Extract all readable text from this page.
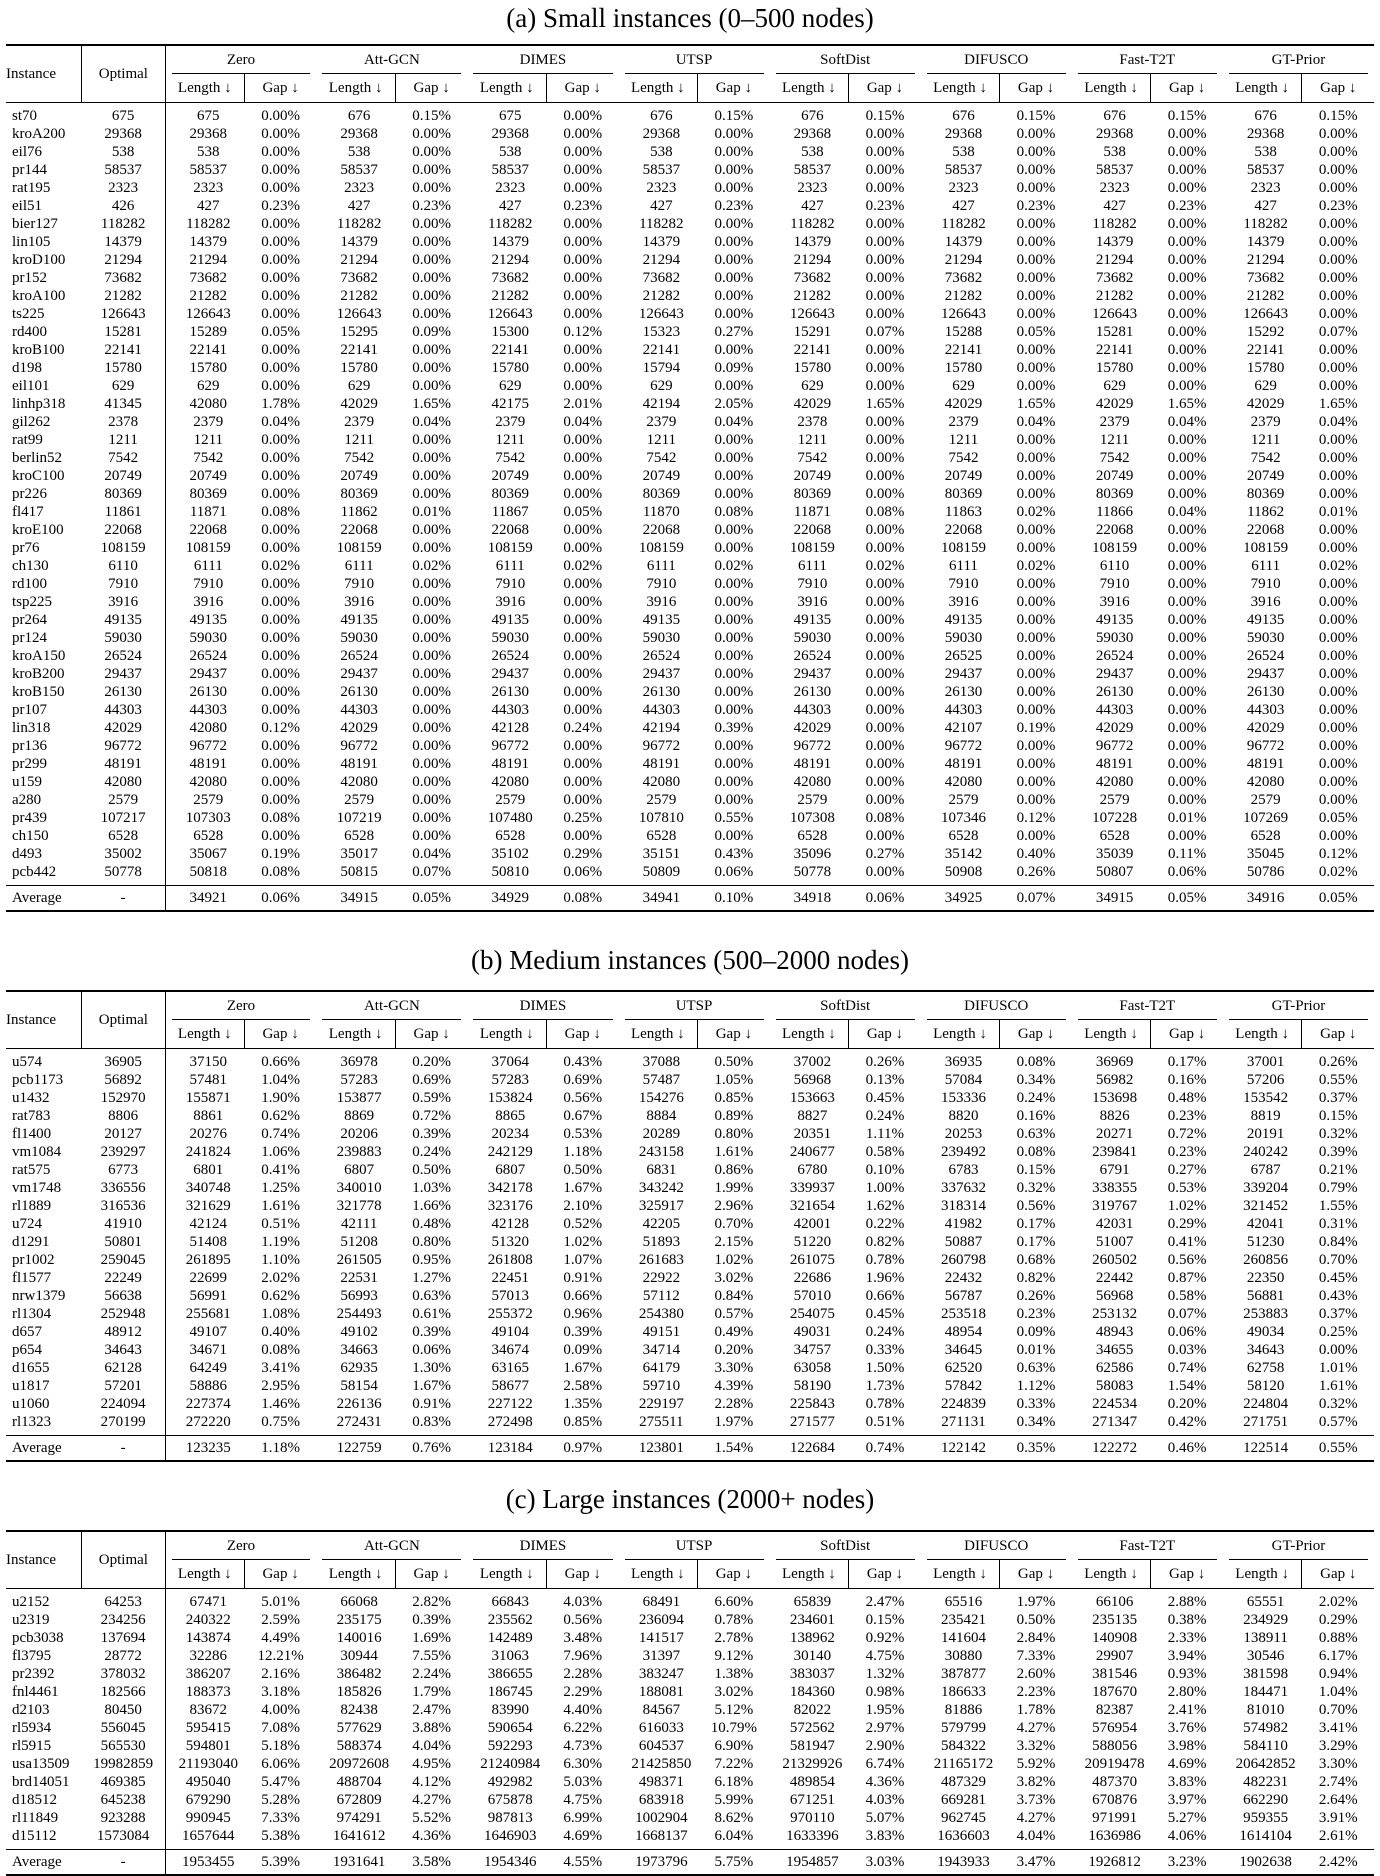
(a) Small instances (0–500 nodes)
Instance	Optimal	Zero		Att-GCN		DIMES		UTSP		SoftDist		DIFUSCO		Fast-T2T		GT-Prior	

		Length ↓	Gap ↓	Length ↓	Gap ↓	Length ↓	Gap ↓	Length ↓	Gap ↓	Length ↓	Gap ↓	Length ↓	Gap ↓	Length ↓	Gap ↓	Length ↓	Gap ↓
st70	675	675	0.00%	676	0.15%	675	0.00%	676	0.15%	676	0.15%	676	0.15%	676	0.15%	676	0.15%
kroA200	29368	29368	0.00%	29368	0.00%	29368	0.00%	29368	0.00%	29368	0.00%	29368	0.00%	29368	0.00%	29368	0.00%
eil76	538	538	0.00%	538	0.00%	538	0.00%	538	0.00%	538	0.00%	538	0.00%	538	0.00%	538	0.00%
pr144	58537	58537	0.00%	58537	0.00%	58537	0.00%	58537	0.00%	58537	0.00%	58537	0.00%	58537	0.00%	58537	0.00%
rat195	2323	2323	0.00%	2323	0.00%	2323	0.00%	2323	0.00%	2323	0.00%	2323	0.00%	2323	0.00%	2323	0.00%
eil51	426	427	0.23%	427	0.23%	427	0.23%	427	0.23%	427	0.23%	427	0.23%	427	0.23%	427	0.23%
bier127	118282	118282	0.00%	118282	0.00%	118282	0.00%	118282	0.00%	118282	0.00%	118282	0.00%	118282	0.00%	118282	0.00%
lin105	14379	14379	0.00%	14379	0.00%	14379	0.00%	14379	0.00%	14379	0.00%	14379	0.00%	14379	0.00%	14379	0.00%
kroD100	21294	21294	0.00%	21294	0.00%	21294	0.00%	21294	0.00%	21294	0.00%	21294	0.00%	21294	0.00%	21294	0.00%
pr152	73682	73682	0.00%	73682	0.00%	73682	0.00%	73682	0.00%	73682	0.00%	73682	0.00%	73682	0.00%	73682	0.00%
kroA100	21282	21282	0.00%	21282	0.00%	21282	0.00%	21282	0.00%	21282	0.00%	21282	0.00%	21282	0.00%	21282	0.00%
ts225	126643	126643	0.00%	126643	0.00%	126643	0.00%	126643	0.00%	126643	0.00%	126643	0.00%	126643	0.00%	126643	0.00%
rd400	15281	15289	0.05%	15295	0.09%	15300	0.12%	15323	0.27%	15291	0.07%	15288	0.05%	15281	0.00%	15292	0.07%
kroB100	22141	22141	0.00%	22141	0.00%	22141	0.00%	22141	0.00%	22141	0.00%	22141	0.00%	22141	0.00%	22141	0.00%
d198	15780	15780	0.00%	15780	0.00%	15780	0.00%	15794	0.09%	15780	0.00%	15780	0.00%	15780	0.00%	15780	0.00%
eil101	629	629	0.00%	629	0.00%	629	0.00%	629	0.00%	629	0.00%	629	0.00%	629	0.00%	629	0.00%
linhp318	41345	42080	1.78%	42029	1.65%	42175	2.01%	42194	2.05%	42029	1.65%	42029	1.65%	42029	1.65%	42029	1.65%
gil262	2378	2379	0.04%	2379	0.04%	2379	0.04%	2379	0.04%	2378	0.00%	2379	0.04%	2379	0.04%	2379	0.04%
rat99	1211	1211	0.00%	1211	0.00%	1211	0.00%	1211	0.00%	1211	0.00%	1211	0.00%	1211	0.00%	1211	0.00%
berlin52	7542	7542	0.00%	7542	0.00%	7542	0.00%	7542	0.00%	7542	0.00%	7542	0.00%	7542	0.00%	7542	0.00%
kroC100	20749	20749	0.00%	20749	0.00%	20749	0.00%	20749	0.00%	20749	0.00%	20749	0.00%	20749	0.00%	20749	0.00%
pr226	80369	80369	0.00%	80369	0.00%	80369	0.00%	80369	0.00%	80369	0.00%	80369	0.00%	80369	0.00%	80369	0.00%
fl417	11861	11871	0.08%	11862	0.01%	11867	0.05%	11870	0.08%	11871	0.08%	11863	0.02%	11866	0.04%	11862	0.01%
kroE100	22068	22068	0.00%	22068	0.00%	22068	0.00%	22068	0.00%	22068	0.00%	22068	0.00%	22068	0.00%	22068	0.00%
pr76	108159	108159	0.00%	108159	0.00%	108159	0.00%	108159	0.00%	108159	0.00%	108159	0.00%	108159	0.00%	108159	0.00%
ch130	6110	6111	0.02%	6111	0.02%	6111	0.02%	6111	0.02%	6111	0.02%	6111	0.02%	6110	0.00%	6111	0.02%
rd100	7910	7910	0.00%	7910	0.00%	7910	0.00%	7910	0.00%	7910	0.00%	7910	0.00%	7910	0.00%	7910	0.00%
tsp225	3916	3916	0.00%	3916	0.00%	3916	0.00%	3916	0.00%	3916	0.00%	3916	0.00%	3916	0.00%	3916	0.00%
pr264	49135	49135	0.00%	49135	0.00%	49135	0.00%	49135	0.00%	49135	0.00%	49135	0.00%	49135	0.00%	49135	0.00%
pr124	59030	59030	0.00%	59030	0.00%	59030	0.00%	59030	0.00%	59030	0.00%	59030	0.00%	59030	0.00%	59030	0.00%
kroA150	26524	26524	0.00%	26524	0.00%	26524	0.00%	26524	0.00%	26524	0.00%	26525	0.00%	26524	0.00%	26524	0.00%
kroB200	29437	29437	0.00%	29437	0.00%	29437	0.00%	29437	0.00%	29437	0.00%	29437	0.00%	29437	0.00%	29437	0.00%
kroB150	26130	26130	0.00%	26130	0.00%	26130	0.00%	26130	0.00%	26130	0.00%	26130	0.00%	26130	0.00%	26130	0.00%
pr107	44303	44303	0.00%	44303	0.00%	44303	0.00%	44303	0.00%	44303	0.00%	44303	0.00%	44303	0.00%	44303	0.00%
lin318	42029	42080	0.12%	42029	0.00%	42128	0.24%	42194	0.39%	42029	0.00%	42107	0.19%	42029	0.00%	42029	0.00%
pr136	96772	96772	0.00%	96772	0.00%	96772	0.00%	96772	0.00%	96772	0.00%	96772	0.00%	96772	0.00%	96772	0.00%
pr299	48191	48191	0.00%	48191	0.00%	48191	0.00%	48191	0.00%	48191	0.00%	48191	0.00%	48191	0.00%	48191	0.00%
u159	42080	42080	0.00%	42080	0.00%	42080	0.00%	42080	0.00%	42080	0.00%	42080	0.00%	42080	0.00%	42080	0.00%
a280	2579	2579	0.00%	2579	0.00%	2579	0.00%	2579	0.00%	2579	0.00%	2579	0.00%	2579	0.00%	2579	0.00%
pr439	107217	107303	0.08%	107219	0.00%	107480	0.25%	107810	0.55%	107308	0.08%	107346	0.12%	107228	0.01%	107269	0.05%
ch150	6528	6528	0.00%	6528	0.00%	6528	0.00%	6528	0.00%	6528	0.00%	6528	0.00%	6528	0.00%	6528	0.00%
d493	35002	35067	0.19%	35017	0.04%	35102	0.29%	35151	0.43%	35096	0.27%	35142	0.40%	35039	0.11%	35045	0.12%
pcb442	50778	50818	0.08%	50815	0.07%	50810	0.06%	50809	0.06%	50778	0.00%	50908	0.26%	50807	0.06%	50786	0.02%
Average	-	34921	0.06%	34915	0.05%	34929	0.08%	34941	0.10%	34918	0.06%	34925	0.07%	34915	0.05%	34916	0.05%
(b) Medium instances (500–2000 nodes)
Instance	Optimal	Zero		Att-GCN		DIMES		UTSP		SoftDist		DIFUSCO		Fast-T2T		GT-Prior	

		Length ↓	Gap ↓	Length ↓	Gap ↓	Length ↓	Gap ↓	Length ↓	Gap ↓	Length ↓	Gap ↓	Length ↓	Gap ↓	Length ↓	Gap ↓	Length ↓	Gap ↓
u574	36905	37150	0.66%	36978	0.20%	37064	0.43%	37088	0.50%	37002	0.26%	36935	0.08%	36969	0.17%	37001	0.26%
pcb1173	56892	57481	1.04%	57283	0.69%	57283	0.69%	57487	1.05%	56968	0.13%	57084	0.34%	56982	0.16%	57206	0.55%
u1432	152970	155871	1.90%	153877	0.59%	153824	0.56%	154276	0.85%	153663	0.45%	153336	0.24%	153698	0.48%	153542	0.37%
rat783	8806	8861	0.62%	8869	0.72%	8865	0.67%	8884	0.89%	8827	0.24%	8820	0.16%	8826	0.23%	8819	0.15%
fl1400	20127	20276	0.74%	20206	0.39%	20234	0.53%	20289	0.80%	20351	1.11%	20253	0.63%	20271	0.72%	20191	0.32%
vm1084	239297	241824	1.06%	239883	0.24%	242129	1.18%	243158	1.61%	240677	0.58%	239492	0.08%	239841	0.23%	240242	0.39%
rat575	6773	6801	0.41%	6807	0.50%	6807	0.50%	6831	0.86%	6780	0.10%	6783	0.15%	6791	0.27%	6787	0.21%
vm1748	336556	340748	1.25%	340010	1.03%	342178	1.67%	343242	1.99%	339937	1.00%	337632	0.32%	338355	0.53%	339204	0.79%
rl1889	316536	321629	1.61%	321778	1.66%	323176	2.10%	325917	2.96%	321654	1.62%	318314	0.56%	319767	1.02%	321452	1.55%
u724	41910	42124	0.51%	42111	0.48%	42128	0.52%	42205	0.70%	42001	0.22%	41982	0.17%	42031	0.29%	42041	0.31%
d1291	50801	51408	1.19%	51208	0.80%	51320	1.02%	51893	2.15%	51220	0.82%	50887	0.17%	51007	0.41%	51230	0.84%
pr1002	259045	261895	1.10%	261505	0.95%	261808	1.07%	261683	1.02%	261075	0.78%	260798	0.68%	260502	0.56%	260856	0.70%
fl1577	22249	22699	2.02%	22531	1.27%	22451	0.91%	22922	3.02%	22686	1.96%	22432	0.82%	22442	0.87%	22350	0.45%
nrw1379	56638	56991	0.62%	56993	0.63%	57013	0.66%	57112	0.84%	57010	0.66%	56787	0.26%	56968	0.58%	56881	0.43%
rl1304	252948	255681	1.08%	254493	0.61%	255372	0.96%	254380	0.57%	254075	0.45%	253518	0.23%	253132	0.07%	253883	0.37%
d657	48912	49107	0.40%	49102	0.39%	49104	0.39%	49151	0.49%	49031	0.24%	48954	0.09%	48943	0.06%	49034	0.25%
p654	34643	34671	0.08%	34663	0.06%	34674	0.09%	34714	0.20%	34757	0.33%	34645	0.01%	34655	0.03%	34643	0.00%
d1655	62128	64249	3.41%	62935	1.30%	63165	1.67%	64179	3.30%	63058	1.50%	62520	0.63%	62586	0.74%	62758	1.01%
u1817	57201	58886	2.95%	58154	1.67%	58677	2.58%	59710	4.39%	58190	1.73%	57842	1.12%	58083	1.54%	58120	1.61%
u1060	224094	227374	1.46%	226136	0.91%	227122	1.35%	229197	2.28%	225843	0.78%	224839	0.33%	224534	0.20%	224804	0.32%
rl1323	270199	272220	0.75%	272431	0.83%	272498	0.85%	275511	1.97%	271577	0.51%	271131	0.34%	271347	0.42%	271751	0.57%
Average	-	123235	1.18%	122759	0.76%	123184	0.97%	123801	1.54%	122684	0.74%	122142	0.35%	122272	0.46%	122514	0.55%
(c) Large instances (2000+ nodes)
Instance	Optimal	Zero		Att-GCN		DIMES		UTSP		SoftDist		DIFUSCO		Fast-T2T		GT-Prior	

		Length ↓	Gap ↓	Length ↓	Gap ↓	Length ↓	Gap ↓	Length ↓	Gap ↓	Length ↓	Gap ↓	Length ↓	Gap ↓	Length ↓	Gap ↓	Length ↓	Gap ↓
u2152	64253	67471	5.01%	66068	2.82%	66843	4.03%	68491	6.60%	65839	2.47%	65516	1.97%	66106	2.88%	65551	2.02%
u2319	234256	240322	2.59%	235175	0.39%	235562	0.56%	236094	0.78%	234601	0.15%	235421	0.50%	235135	0.38%	234929	0.29%
pcb3038	137694	143874	4.49%	140016	1.69%	142489	3.48%	141517	2.78%	138962	0.92%	141604	2.84%	140908	2.33%	138911	0.88%
fl3795	28772	32286	12.21%	30944	7.55%	31063	7.96%	31397	9.12%	30140	4.75%	30880	7.33%	29907	3.94%	30546	6.17%
pr2392	378032	386207	2.16%	386482	2.24%	386655	2.28%	383247	1.38%	383037	1.32%	387877	2.60%	381546	0.93%	381598	0.94%
fnl4461	182566	188373	3.18%	185826	1.79%	186745	2.29%	188081	3.02%	184360	0.98%	186633	2.23%	187670	2.80%	184471	1.04%
d2103	80450	83672	4.00%	82438	2.47%	83990	4.40%	84567	5.12%	82022	1.95%	81886	1.78%	82387	2.41%	81010	0.70%
rl5934	556045	595415	7.08%	577629	3.88%	590654	6.22%	616033	10.79%	572562	2.97%	579799	4.27%	576954	3.76%	574982	3.41%
rl5915	565530	594801	5.18%	588374	4.04%	592293	4.73%	604537	6.90%	581947	2.90%	584322	3.32%	588056	3.98%	584110	3.29%
usa13509	19982859	21193040	6.06%	20972608	4.95%	21240984	6.30%	21425850	7.22%	21329926	6.74%	21165172	5.92%	20919478	4.69%	20642852	3.30%
brd14051	469385	495040	5.47%	488704	4.12%	492982	5.03%	498371	6.18%	489854	4.36%	487329	3.82%	487370	3.83%	482231	2.74%
d18512	645238	679290	5.28%	672809	4.27%	675878	4.75%	683918	5.99%	671251	4.03%	669281	3.73%	670876	3.97%	662290	2.64%
rl11849	923288	990945	7.33%	974291	5.52%	987813	6.99%	1002904	8.62%	970110	5.07%	962745	4.27%	971991	5.27%	959355	3.91%
d15112	1573084	1657644	5.38%	1641612	4.36%	1646903	4.69%	1668137	6.04%	1633396	3.83%	1636603	4.04%	1636986	4.06%	1614104	2.61%
Average	-	1953455	5.39%	1931641	3.58%	1954346	4.55%	1973796	5.75%	1954857	3.03%	1943933	3.47%	1926812	3.23%	1902638	2.42%
